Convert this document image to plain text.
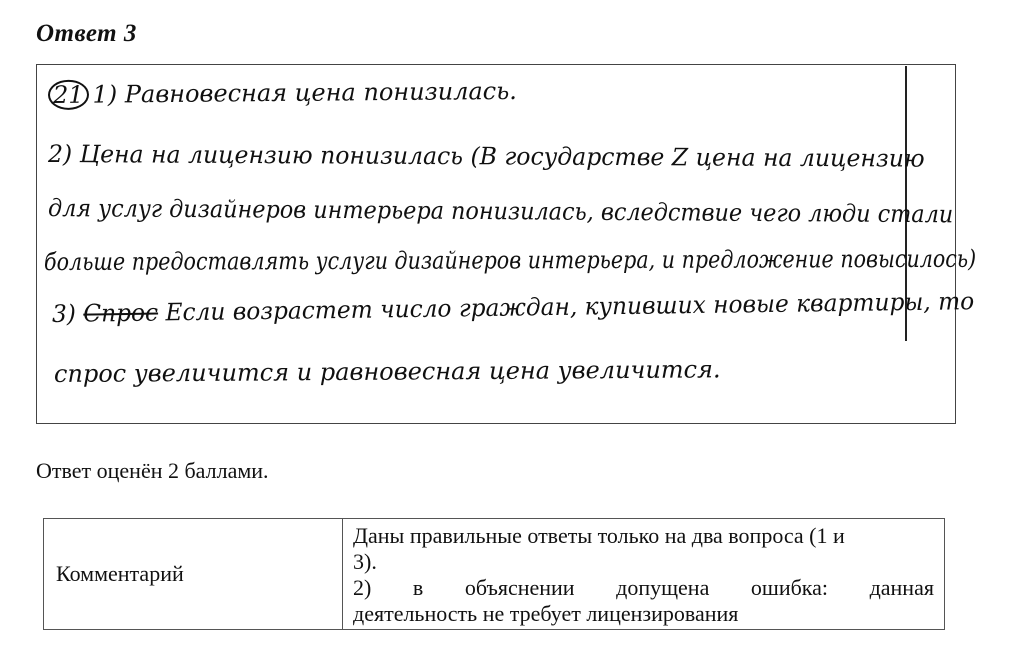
Ответ 3
21 1) Равновесная цена понизилась.
2) Цена на лицензию понизилась (В государстве Z цена на лицензию
для услуг дизайнеров интерьера понизилась, вследствие чего люди стали
больше предоставлять услуги дизайнеров интерьера, и предложение повысилось)
3) Спрос Если возрастет число граждан, купивших новые квартиры, то
спрос увеличится и равновесная цена увеличится.
Ответ оценён 2 баллами.
Комментарий	
Даны правильные ответы только на два вопроса (1 и
3).
2) в объяснении допущена ошибка: данная
деятельность не требует лицензирования
